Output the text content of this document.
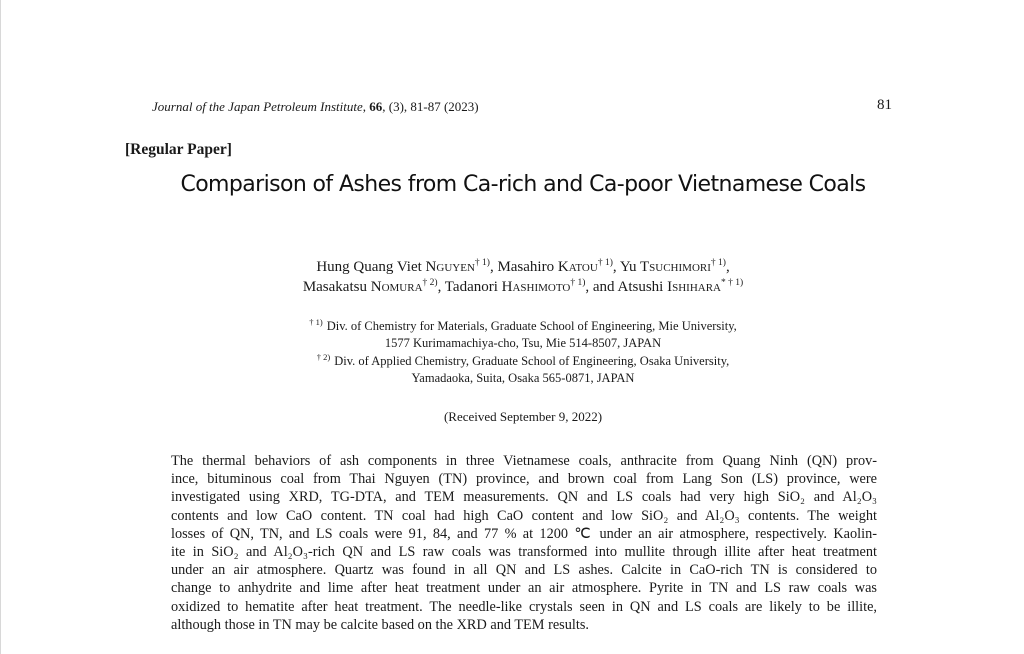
Journal of the Japan Petroleum Institute, 66, (3), 81-87 (2023)	81
[Regular Paper]
Comparison of Ashes from Ca-rich and Ca-poor Vietnamese Coals
Hung Quang Viet Nguyen$^{\dagger 1)}$, Masahiro Katou$^{\dagger 1)}$, Yu Tsuchimori$^{\dagger 1)}$,
Masakatsu Nomura$^{\dagger 2)}$, Tadanori Hashimoto$^{\dagger 1)}$, and Atsushi Ishihara$^{* \dagger 1)}$
$^{\dagger 1)}$ Div. of Chemistry for Materials, Graduate School of Engineering, Mie University,
1577 Kurimamachiya-cho, Tsu, Mie 514-8507, JAPAN
$^{\dagger 2)}$ Div. of Applied Chemistry, Graduate School of Engineering, Osaka University,
Yamadaoka, Suita, Osaka 565-0871, JAPAN
(Received September 9, 2022)
The thermal behaviors of ash components in three Vietnamese coals, anthracite from Quang Ninh (QN) prov-
ince, bituminous coal from Thai Nguyen (TN) province, and brown coal from Lang Son (LS) province, were
investigated using XRD, TG-DTA, and TEM measurements. QN and LS coals had very high SiO₂ and Al₂O₃
contents and low CaO content. TN coal had high CaO content and low SiO₂ and Al₂O₃ contents. The weight
losses of QN, TN, and LS coals were 91, 84, and 77 % at 1200 ℃ under an air atmosphere, respectively. Kaolin-
ite in SiO₂ and Al₂O₃-rich QN and LS raw coals was transformed into mullite through illite after heat treatment
under an air atmosphere. Quartz was found in all QN and LS ashes. Calcite in CaO-rich TN is considered to
change to anhydrite and lime after heat treatment under an air atmosphere. Pyrite in TN and LS raw coals was
oxidized to hematite after heat treatment. The needle-like crystals seen in QN and LS coals are likely to be illite,
although those in TN may be calcite based on the XRD and TEM results.
